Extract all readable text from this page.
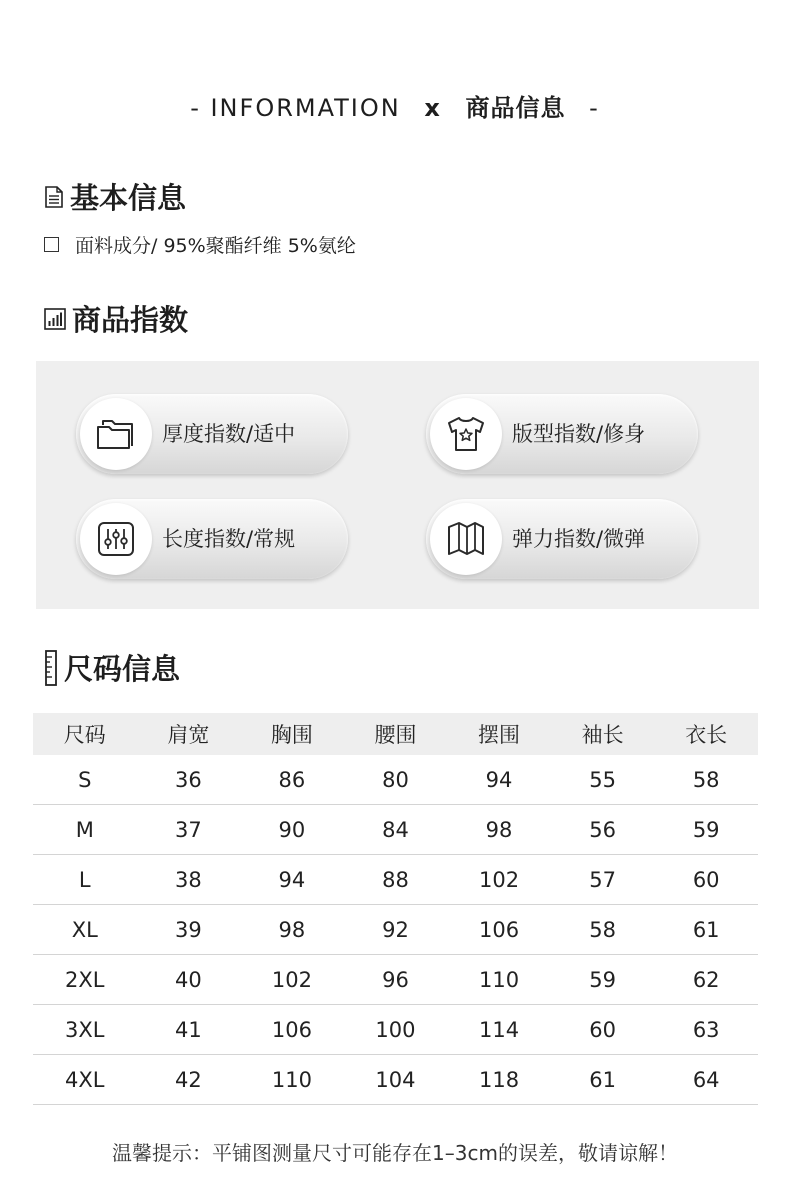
- INFORMATION x 商品信息 -
基本信息
面料成分/ 95%聚酯纤维 5%氨纶
商品指数
厚度指数/适中	版型指数/修身
长度指数/常规	弹力指数/微弹
尺码信息
尺码	肩宽	胸围	腰围	摆围	袖长	衣长
S	36	86	80	94	55	58
M	37	90	84	98	56	59
L	38	94	88	102	57	60
XL	39	98	92	106	58	61
2XL	40	102	96	110	59	62
3XL	41	106	100	114	60	63
4XL	42	110	104	118	61	64
温馨提示：平铺图测量尺寸可能存在1–3cm的误差，敬请谅解！
